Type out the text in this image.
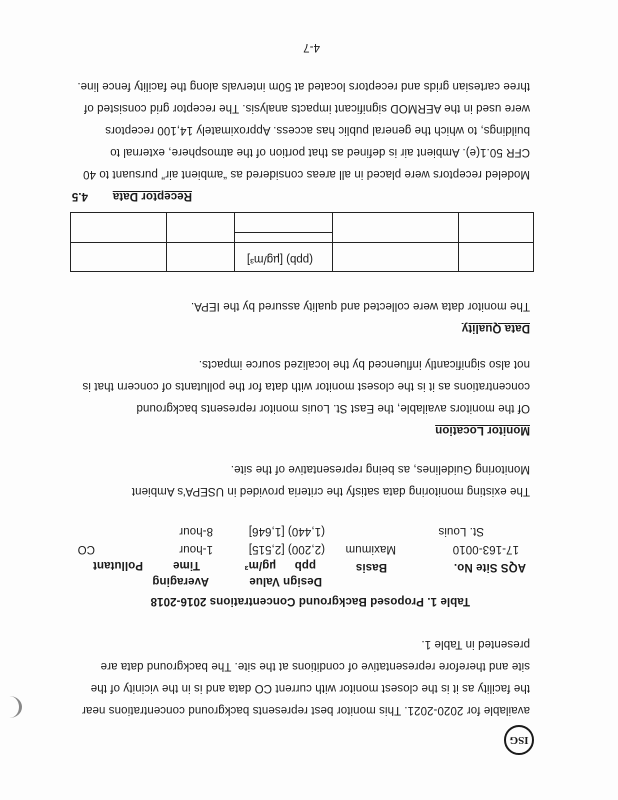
ISG
available for 2020-2021. This monitor best represents background concentrations near
the facility as it is the closest monitor with current CO data and is in the vicinity of the
site and therefore representative of conditions at the site. The background data are
presented in Table 1.
Table 1. Proposed Background Concentrations 2016-2018
AQS Site No.
17-163-0010
St. Louis
Basis
Maximum
Design Value
ppb
µg/m³
(2,200) [2,515]
(1,440) [1,646]
Averaging
Time
1-hour
8-hour
Pollutant
CO
The existing monitoring data satisfy the criteria provided in USEPA's Ambient
Monitoring Guidelines, as being representative of the site.
Monitor Location
Of the monitors available, the East St. Louis monitor represents background
concentrations as it is the closest monitor with data for the pollutants of concern that is
not also significantly influenced by the localized source impacts.
Data Quality
The monitor data were collected and quality assured by the IEPA.
(ppb) [µg/m³]
4.5 Receptor Data
Modeled receptors were placed in all areas considered as “ambient air” pursuant to 40
CFR 50.1(e). Ambient air is defined as that portion of the atmosphere, external to
buildings, to which the general public has access. Approximately 14,100 receptors
were used in the AERMOD significant impacts analysis. The receptor grid consisted of
three cartesian grids and receptors located at 50m intervals along the facility fence line.
4-7
